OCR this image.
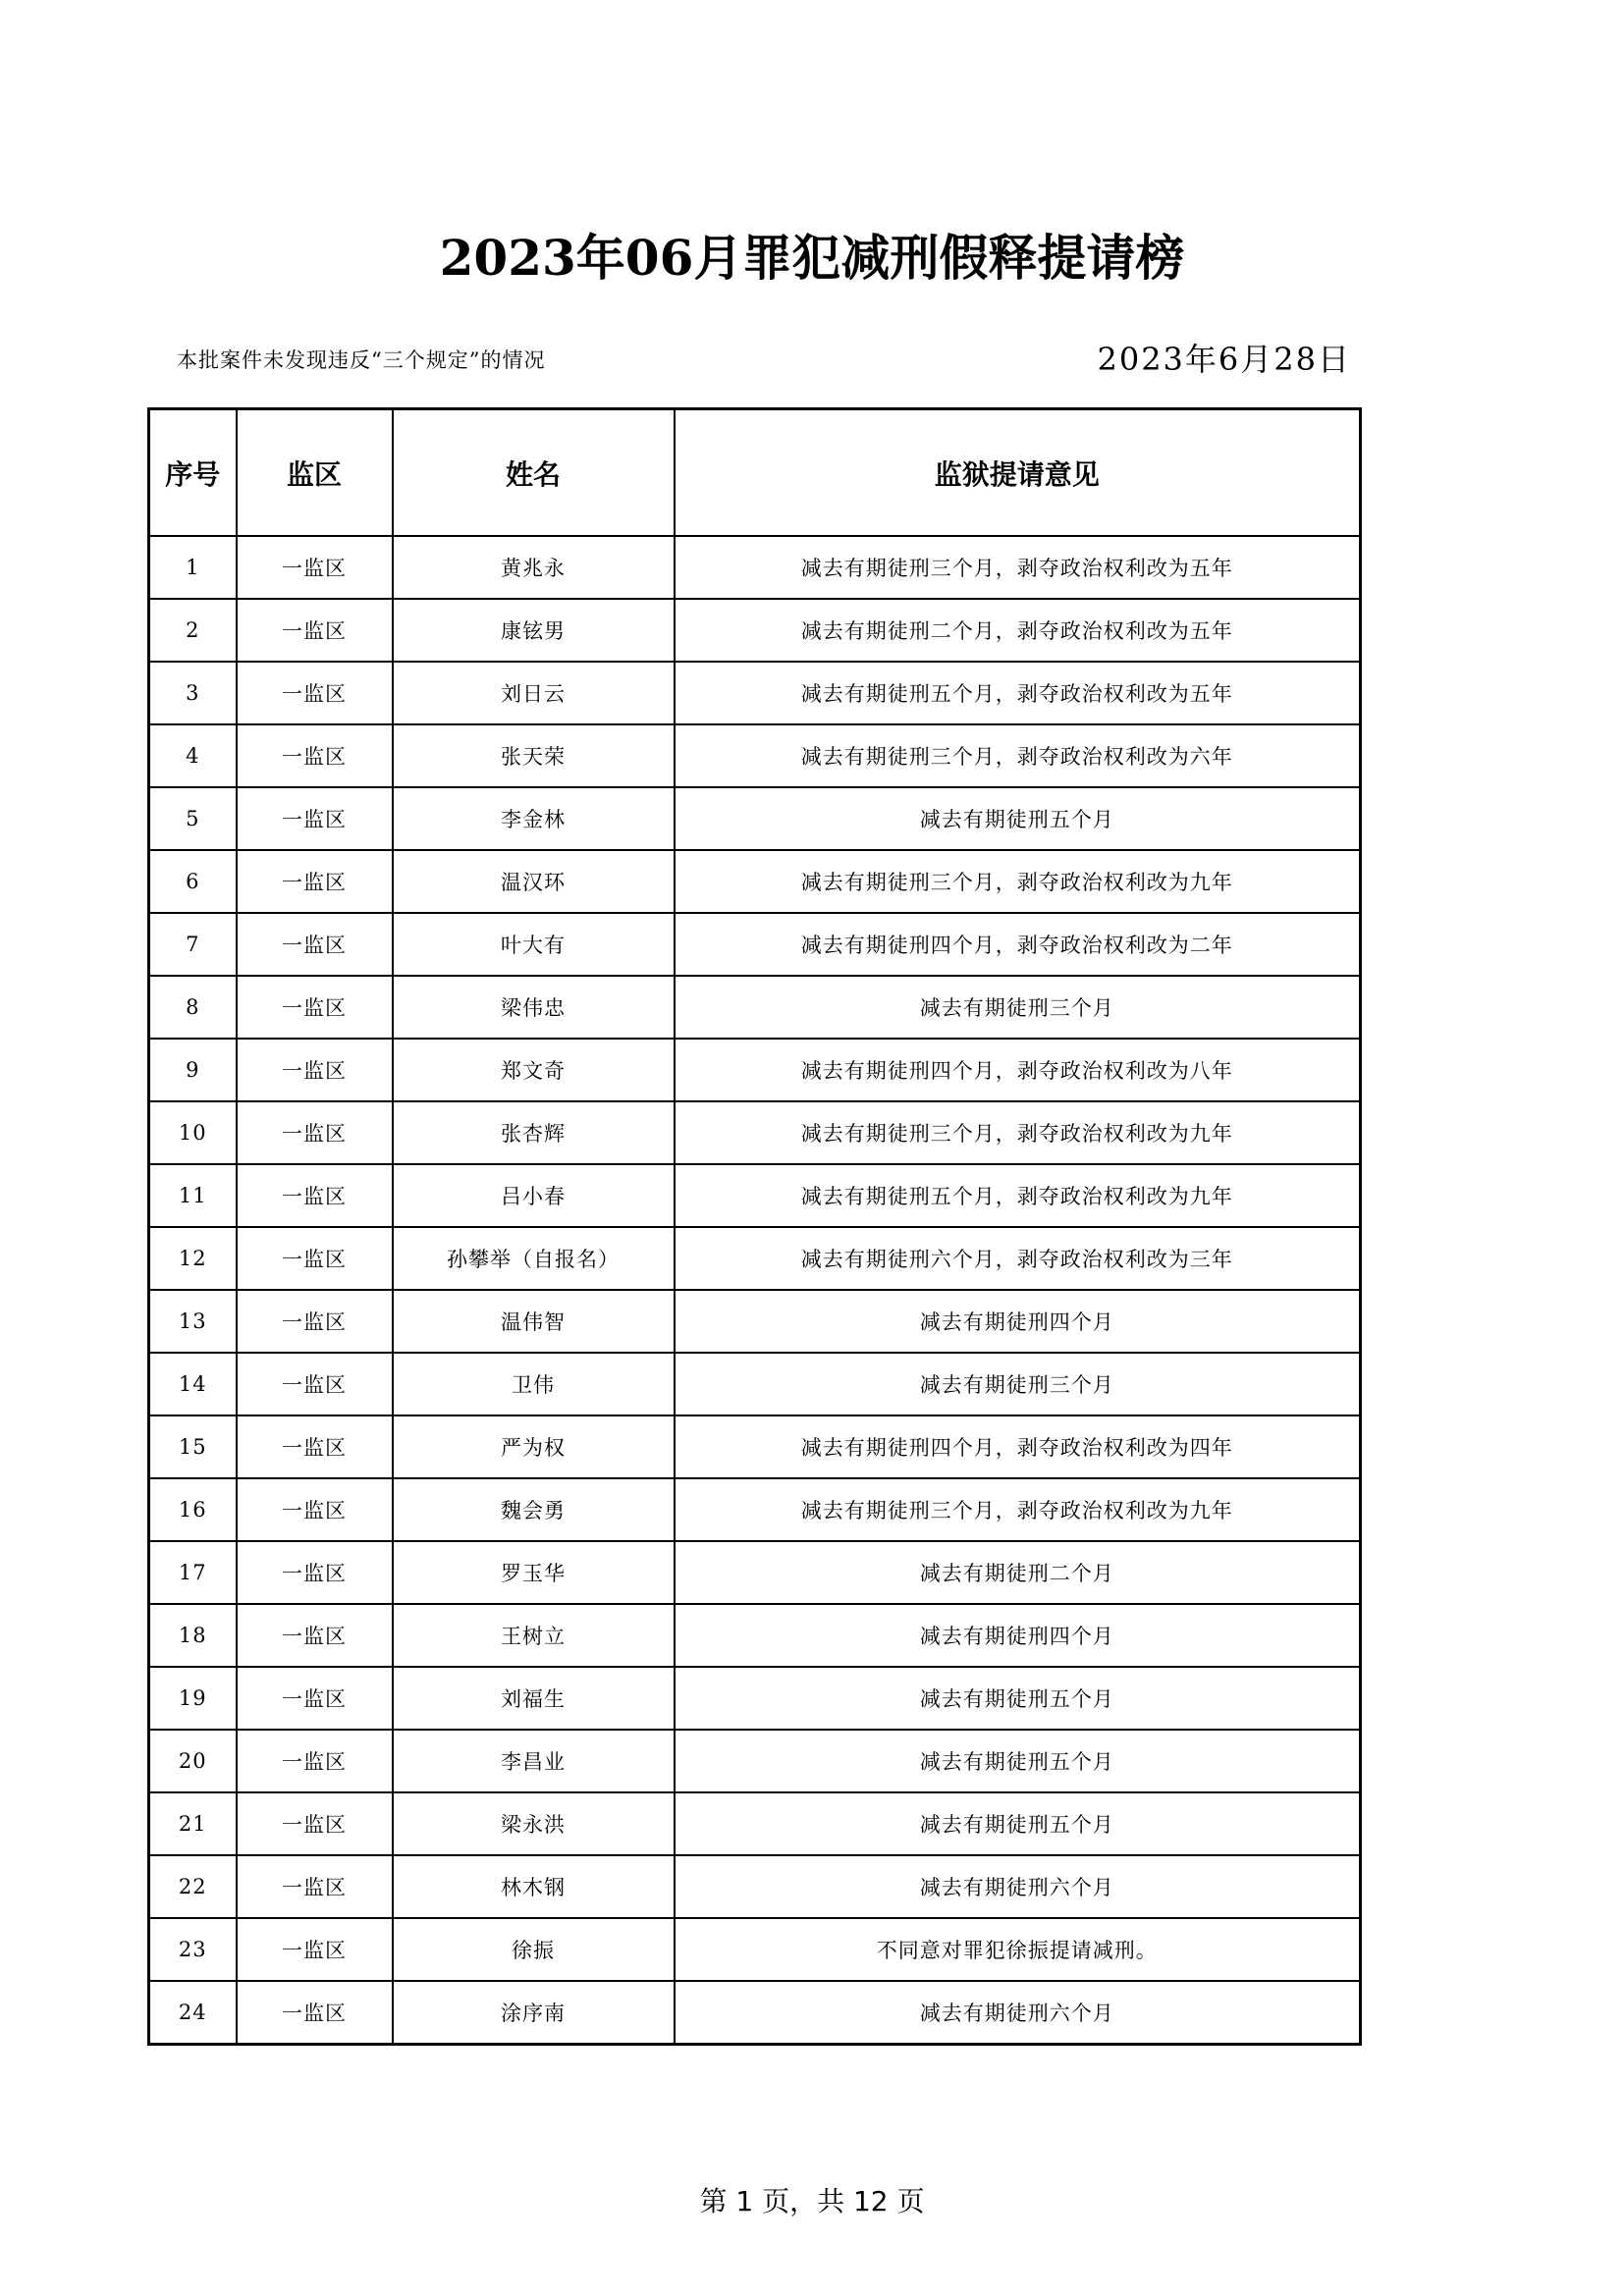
2023年06月罪犯减刑假释提请榜
本批案件未发现违反“三个规定”的情况	2023年6月28日
序号	监区	姓名	监狱提请意见
1	一监区	黄兆永	减去有期徒刑三个月，剥夺政治权利改为五年
2	一监区	康铉男	减去有期徒刑二个月，剥夺政治权利改为五年
3	一监区	刘日云	减去有期徒刑五个月，剥夺政治权利改为五年
4	一监区	张天荣	减去有期徒刑三个月，剥夺政治权利改为六年
5	一监区	李金林	减去有期徒刑五个月
6	一监区	温汉环	减去有期徒刑三个月，剥夺政治权利改为九年
7	一监区	叶大有	减去有期徒刑四个月，剥夺政治权利改为二年
8	一监区	梁伟忠	减去有期徒刑三个月
9	一监区	郑文奇	减去有期徒刑四个月，剥夺政治权利改为八年
10	一监区	张杏辉	减去有期徒刑三个月，剥夺政治权利改为九年
11	一监区	吕小春	减去有期徒刑五个月，剥夺政治权利改为九年
12	一监区	孙攀举（自报名）	减去有期徒刑六个月，剥夺政治权利改为三年
13	一监区	温伟智	减去有期徒刑四个月
14	一监区	卫伟	减去有期徒刑三个月
15	一监区	严为权	减去有期徒刑四个月，剥夺政治权利改为四年
16	一监区	魏会勇	减去有期徒刑三个月，剥夺政治权利改为九年
17	一监区	罗玉华	减去有期徒刑二个月
18	一监区	王树立	减去有期徒刑四个月
19	一监区	刘福生	减去有期徒刑五个月
20	一监区	李昌业	减去有期徒刑五个月
21	一监区	梁永洪	减去有期徒刑五个月
22	一监区	林木钢	减去有期徒刑六个月
23	一监区	徐振	不同意对罪犯徐振提请减刑。
24	一监区	涂序南	减去有期徒刑六个月
第 1 页，共 12 页
